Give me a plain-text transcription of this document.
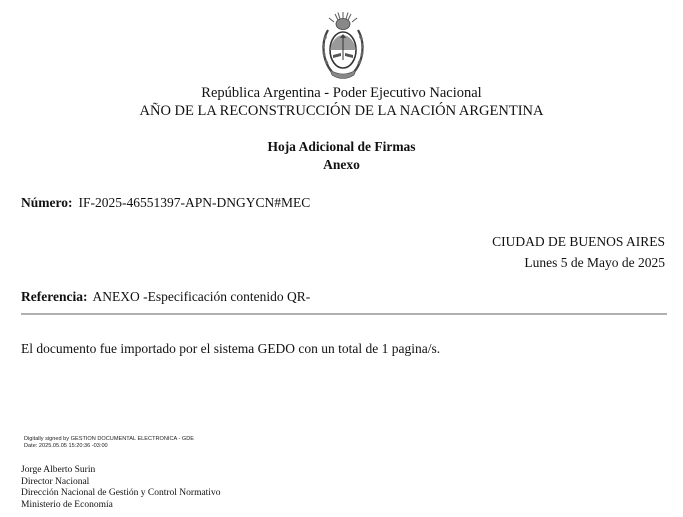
República Argentina - Poder Ejecutivo Nacional
AÑO DE LA RECONSTRUCCIÓN DE LA NACIÓN ARGENTINA
Hoja Adicional de Firmas
Anexo
Número: IF-2025-46551397-APN-DNGYCN#MEC
CIUDAD DE BUENOS AIRES
Lunes 5 de Mayo de 2025
Referencia: ANEXO -Especificación contenido QR-
El documento fue importado por el sistema GEDO con un total de 1 pagina/s.
Digitally signed by GESTION DOCUMENTAL ELECTRONICA - GDE
Date: 2025.05.05 15:20:36 -03:00
Jorge Alberto Surin
Director Nacional
Dirección Nacional de Gestión y Control Normativo
Ministerio de Economía
